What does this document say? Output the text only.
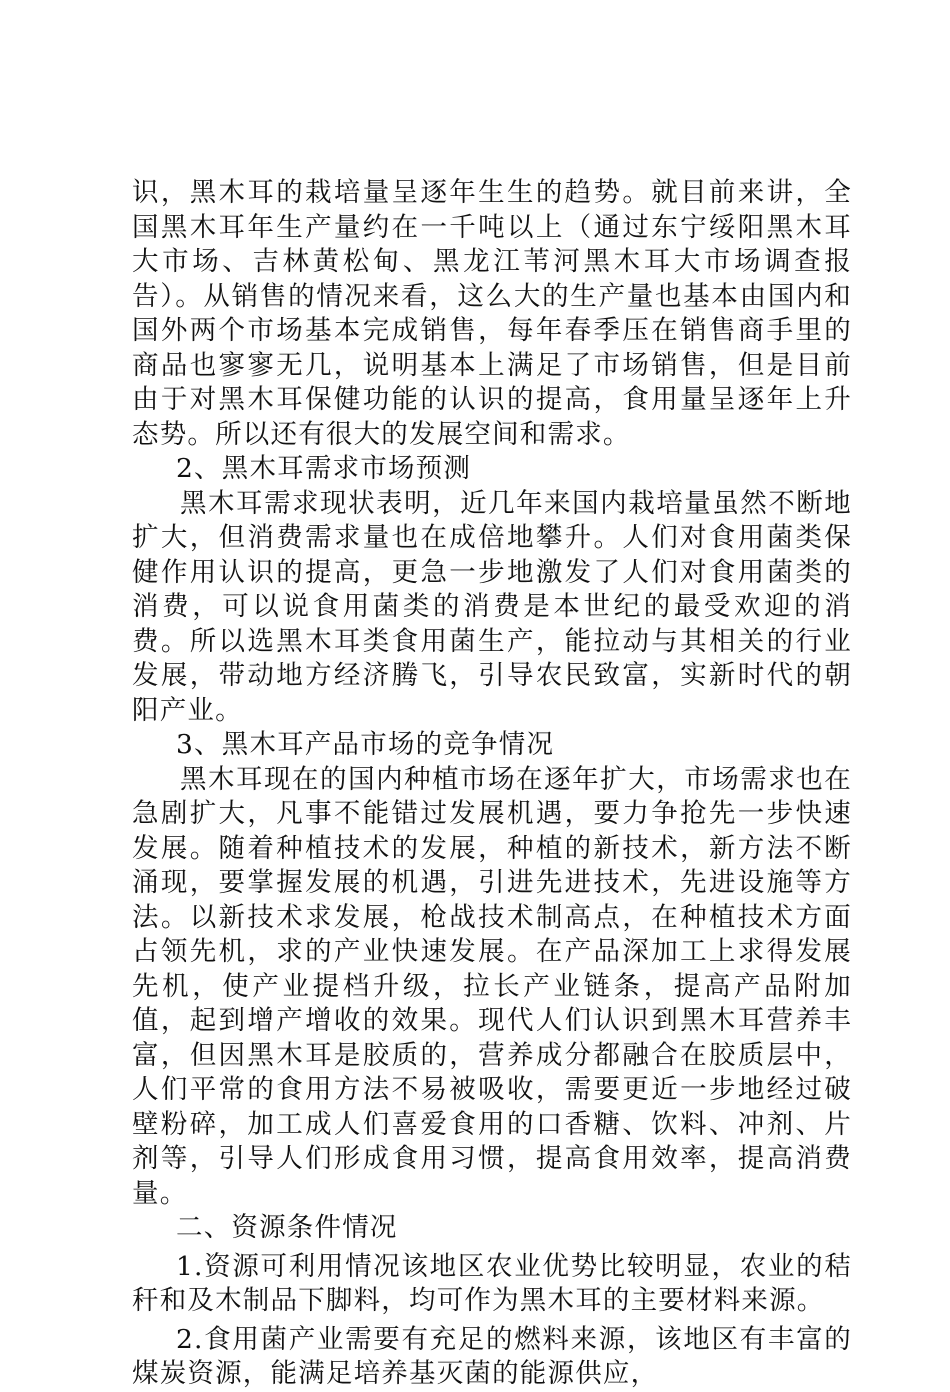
识，黑木耳的栽培量呈逐年生生的趋势。就目前来讲，全国黑木耳年生产量约在一千吨以上（通过东宁绥阳黑木耳大市场、吉林黄松甸、黑龙江苇河黑木耳大市场调查报告）。从销售的情况来看，这么大的生产量也基本由国内和国外两个市场基本完成销售，每年春季压在销售商手里的商品也寥寥无几，说明基本上满足了市场销售，但是目前由于对黑木耳保健功能的认识的提高，食用量呈逐年上升态势。所以还有很大的发展空间和需求。

2、黑木耳需求市场预测

黑木耳需求现状表明，近几年来国内栽培量虽然不断地扩大，但消费需求量也在成倍地攀升。人们对食用菌类保健作用认识的提高，更急一步地激发了人们对食用菌类的消费，可以说食用菌类的消费是本世纪的最受欢迎的消费。所以选黑木耳类食用菌生产，能拉动与其相关的行业发展，带动地方经济腾飞，引导农民致富，实新时代的朝阳产业。

3、黑木耳产品市场的竞争情况

黑木耳现在的国内种植市场在逐年扩大，市场需求也在急剧扩大，凡事不能错过发展机遇，要力争抢先一步快速发展。随着种植技术的发展，种植的新技术，新方法不断涌现，要掌握发展的机遇，引进先进技术，先进设施等方法。以新技术求发展，枪战技术制高点，在种植技术方面占领先机，求的产业快速发展。在产品深加工上求得发展先机，使产业提档升级，拉长产业链条，提高产品附加值，起到增产增收的效果。现代人们认识到黑木耳营养丰富，但因黑木耳是胶质的，营养成分都融合在胶质层中，人们平常的食用方法不易被吸收，需要更近一步地经过破壁粉碎，加工成人们喜爱食用的口香糖、饮料、冲剂、片剂等，引导人们形成食用习惯，提高食用效率，提高消费量。

二、资源条件情况

1.资源可利用情况该地区农业优势比较明显，农业的秸秆和及木制品下脚料，均可作为黑木耳的主要材料来源。

2.食用菌产业需要有充足的燃料来源，该地区有丰富的煤炭资源，能满足培养基灭菌的能源供应，
